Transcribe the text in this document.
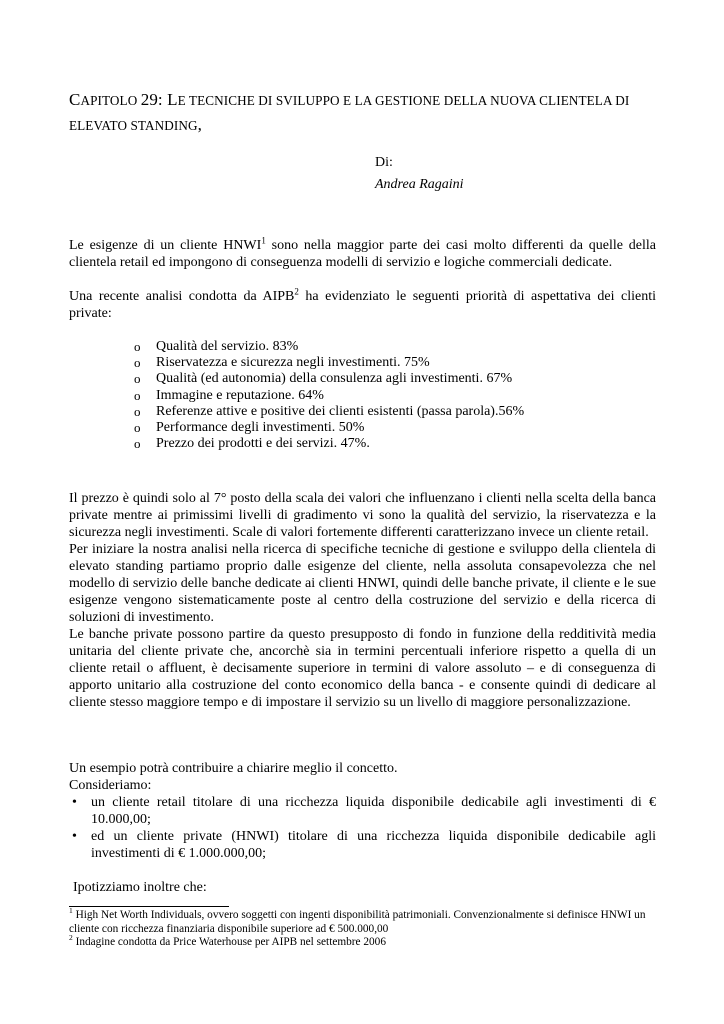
CAPITOLO 29: LE TECNICHE DI SVILUPPO E LA GESTIONE DELLA NUOVA CLIENTELA DI ELEVATO STANDING,
Di:
Andrea Ragaini
Le esigenze di un cliente HNWI$^1$ sono nella maggior parte dei casi molto differenti da quelle della clientela retail ed impongono di conseguenza modelli di servizio e logiche commerciali dedicate.
Una recente analisi condotta da AIPB$^2$ ha evidenziato le seguenti priorità di aspettativa dei clienti private:
o Qualità del servizio. 83%
o Riservatezza e sicurezza negli investimenti. 75%
o Qualità (ed autonomia) della consulenza agli investimenti. 67%
o Immagine e reputazione. 64%
o Referenze attive e positive dei clienti esistenti (passa parola).56%
o Performance degli investimenti. 50%
o Prezzo dei prodotti e dei servizi. 47%.
Il prezzo è quindi solo al 7° posto della scala dei valori che influenzano i clienti nella scelta della banca private mentre ai primissimi livelli di gradimento vi sono la qualità del servizio, la riservatezza e la sicurezza negli investimenti. Scale di valori fortemente differenti caratterizzano invece un cliente retail.
Per iniziare la nostra analisi nella ricerca di specifiche tecniche di gestione e sviluppo della clientela di elevato standing partiamo proprio dalle esigenze del cliente, nella assoluta consapevolezza che nel modello di servizio delle banche dedicate ai clienti HNWI, quindi delle banche private, il cliente e le sue esigenze vengono sistematicamente poste al centro della costruzione del servizio e della ricerca di soluzioni di investimento.
Le banche private possono partire da questo presupposto di fondo in funzione della redditività media unitaria del cliente private che, ancorchè sia in termini percentuali inferiore rispetto a quella di un cliente retail o affluent, è decisamente superiore in termini di valore assoluto – e di conseguenza di apporto unitario alla costruzione del conto economico della banca - e consente quindi di dedicare al cliente stesso maggiore tempo e di impostare il servizio su un livello di maggiore personalizzazione.
Un esempio potrà contribuire a chiarire meglio il concetto.
Consideriamo:
• un cliente retail titolare di una ricchezza liquida disponibile dedicabile agli investimenti di € 10.000,00;
• ed un cliente private (HNWI) titolare di una ricchezza liquida disponibile dedicabile agli investimenti di € 1.000.000,00;
Ipotizziamo inoltre che:
$^1$ High Net Worth Individuals, ovvero soggetti con ingenti disponibilità patrimoniali. Convenzionalmente si definisce HNWI un cliente con ricchezza finanziaria disponibile superiore ad € 500.000,00
$^2$ Indagine condotta da Price Waterhouse per AIPB nel settembre 2006
